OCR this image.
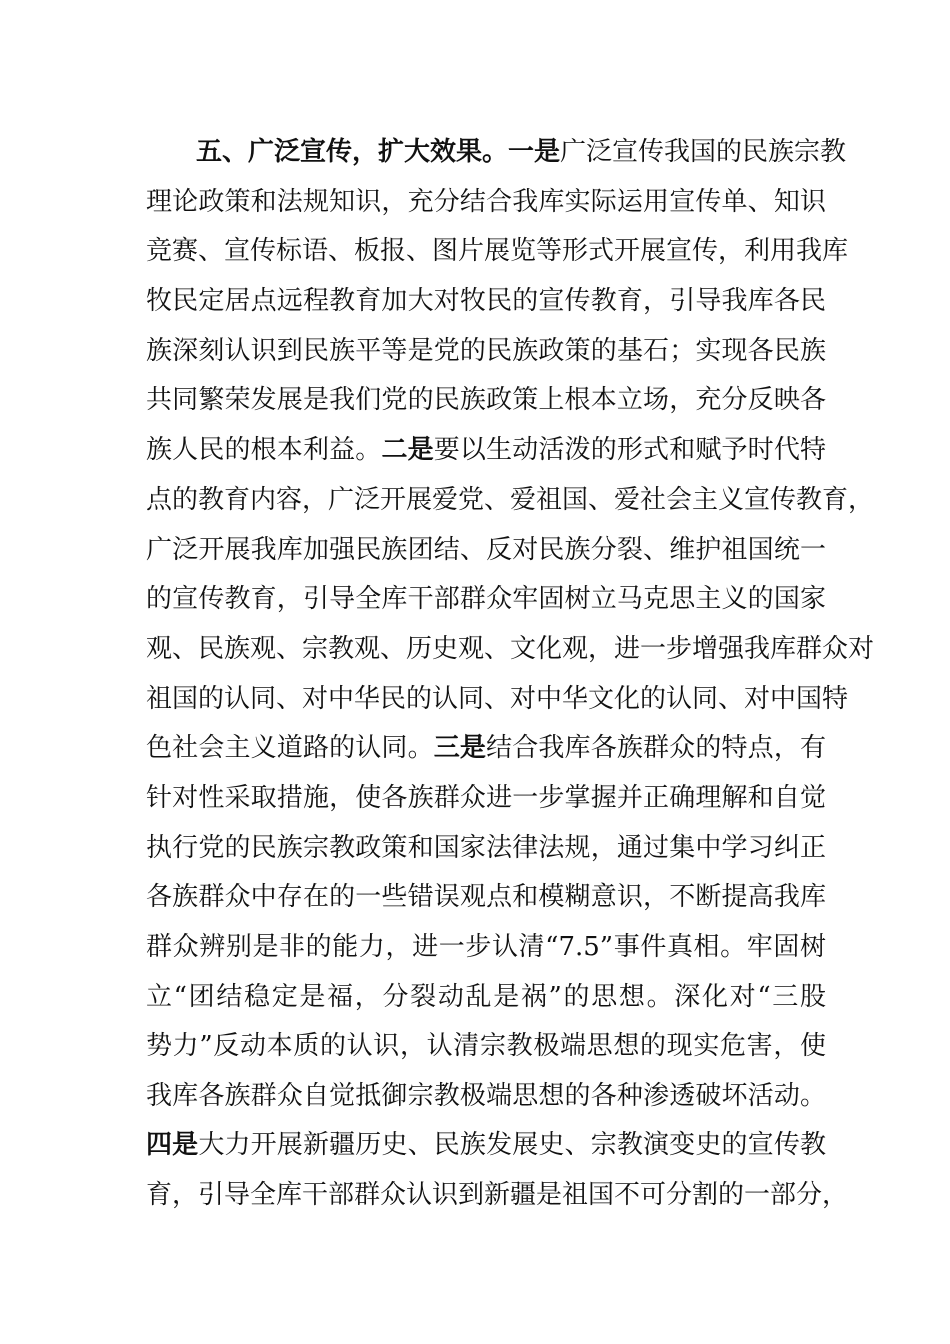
五、广泛宣传，扩大效果。一是广泛宣传我国的民族宗教
理论政策和法规知识，充分结合我库实际运用宣传单、知识
竞赛、宣传标语、板报、图片展览等形式开展宣传，利用我库
牧民定居点远程教育加大对牧民的宣传教育，引导我库各民
族深刻认识到民族平等是党的民族政策的基石；实现各民族
共同繁荣发展是我们党的民族政策上根本立场，充分反映各
族人民的根本利益。二是要以生动活泼的形式和赋予时代特
点的教育内容，广泛开展爱党、爱祖国、爱社会主义宣传教育，
广泛开展我库加强民族团结、反对民族分裂、维护祖国统一
的宣传教育，引导全库干部群众牢固树立马克思主义的国家
观、民族观、宗教观、历史观、文化观，进一步增强我库群众对
祖国的认同、对中华民的认同、对中华文化的认同、对中国特
色社会主义道路的认同。三是结合我库各族群众的特点，有
针对性采取措施，使各族群众进一步掌握并正确理解和自觉
执行党的民族宗教政策和国家法律法规，通过集中学习纠正
各族群众中存在的一些错误观点和模糊意识，不断提高我库
群众辨别是非的能力，进一步认清“7.5”事件真相。牢固树
立“团结稳定是福，分裂动乱是祸”的思想。深化对“三股
势力”反动本质的认识，认清宗教极端思想的现实危害，使
我库各族群众自觉抵御宗教极端思想的各种渗透破坏活动。
四是大力开展新疆历史、民族发展史、宗教演变史的宣传教
育，引导全库干部群众认识到新疆是祖国不可分割的一部分，
